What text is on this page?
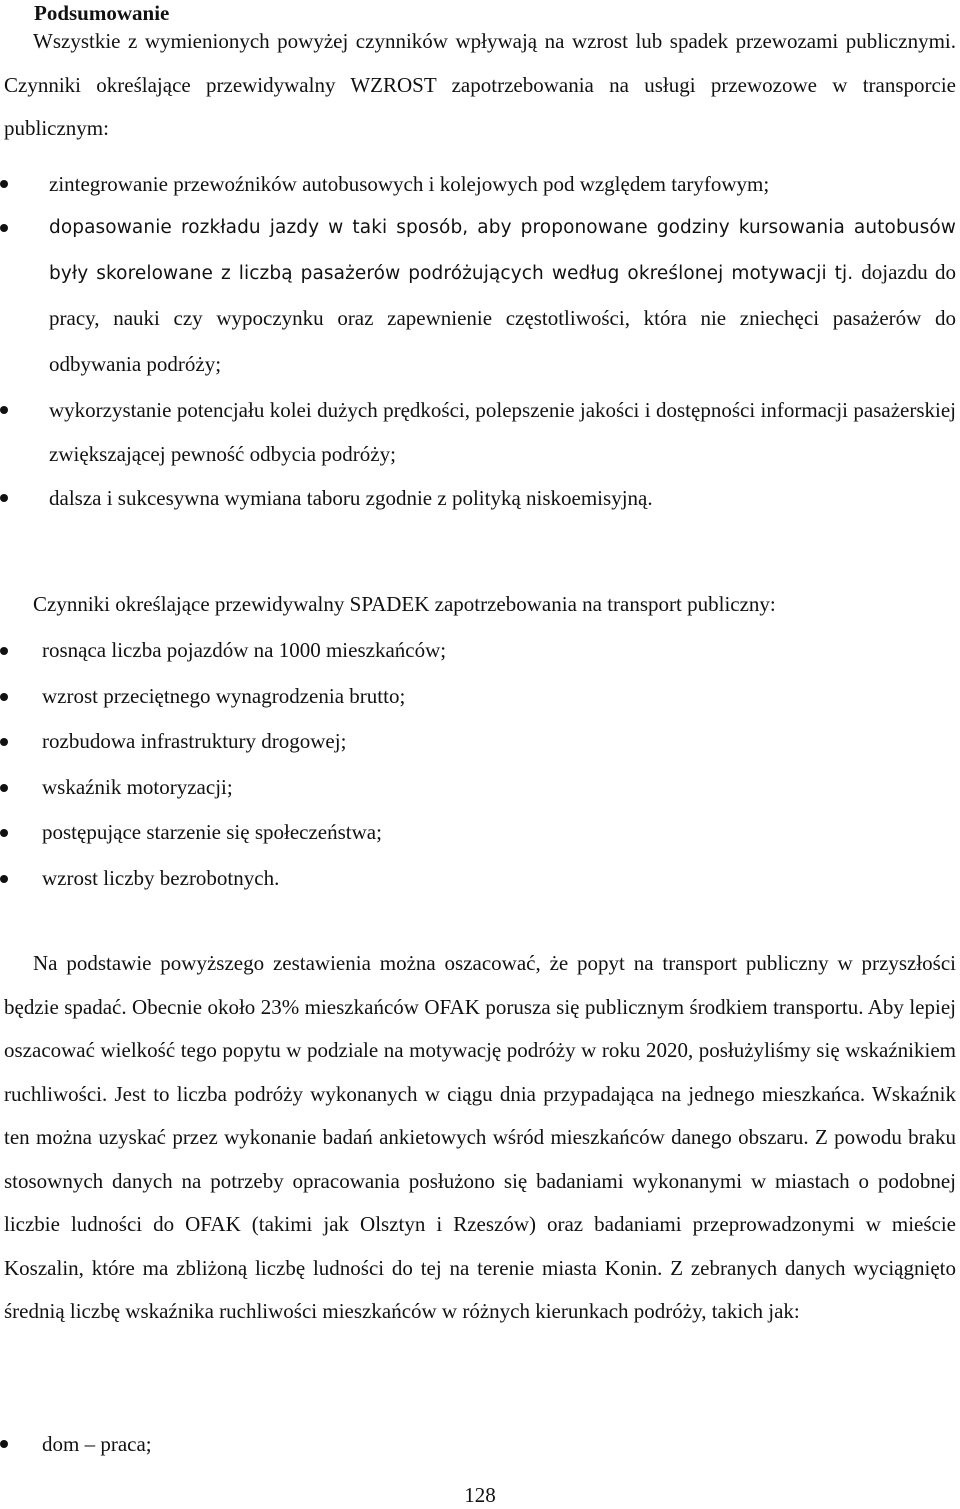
Podsumowanie

Wszystkie z wymienionych powyżej czynników wpływają na wzrost lub spadek przewozami publicznymi. Czynniki określające przewidywalny WZROST zapotrzebowania na usługi przewozowe w transporcie publicznym:

zintegrowanie przewoźników autobusowych i kolejowych pod względem taryfowym;
dopasowanie rozkładu jazdy w taki sposób, aby proponowane godziny kursowania autobusów były skorelowane z liczbą pasażerów podróżujących według określonej motywacji tj. dojazdu do pracy, nauki czy wypoczynku oraz zapewnienie częstotliwości, która nie zniechęci pasażerów do odbywania podróży;
wykorzystanie potencjału kolei dużych prędkości, polepszenie jakości i dostępności informacji pasażerskiej zwiększającej pewność odbycia podróży;
dalsza i sukcesywna wymiana taboru zgodnie z polityką niskoemisyjną.

Czynniki określające przewidywalny SPADEK zapotrzebowania na transport publiczny:

rosnąca liczba pojazdów na 1000 mieszkańców;
wzrost przeciętnego wynagrodzenia brutto;
rozbudowa infrastruktury drogowej;
wskaźnik motoryzacji;
postępujące starzenie się społeczeństwa;
wzrost liczby bezrobotnych.

Na podstawie powyższego zestawienia można oszacować, że popyt na transport publiczny w przyszłości będzie spadać. Obecnie około 23% mieszkańców OFAK porusza się publicznym środkiem transportu. Aby lepiej oszacować wielkość tego popytu w podziale na motywację podróży w roku 2020, posłużyliśmy się wskaźnikiem ruchliwości. Jest to liczba podróży wykonanych w ciągu dnia przypadająca na jednego mieszkańca. Wskaźnik ten można uzyskać przez wykonanie badań ankietowych wśród mieszkańców danego obszaru. Z powodu braku stosownych danych na potrzeby opracowania posłużono się badaniami wykonanymi w miastach o podobnej liczbie ludności do OFAK (takimi jak Olsztyn i Rzeszów) oraz badaniami przeprowadzonymi w mieście Koszalin, które ma zbliżoną liczbę ludności do tej na terenie miasta Konin. Z zebranych danych wyciągnięto średnią liczbę wskaźnika ruchliwości mieszkańców w różnych kierunkach podróży, takich jak:

dom – praca;
128
